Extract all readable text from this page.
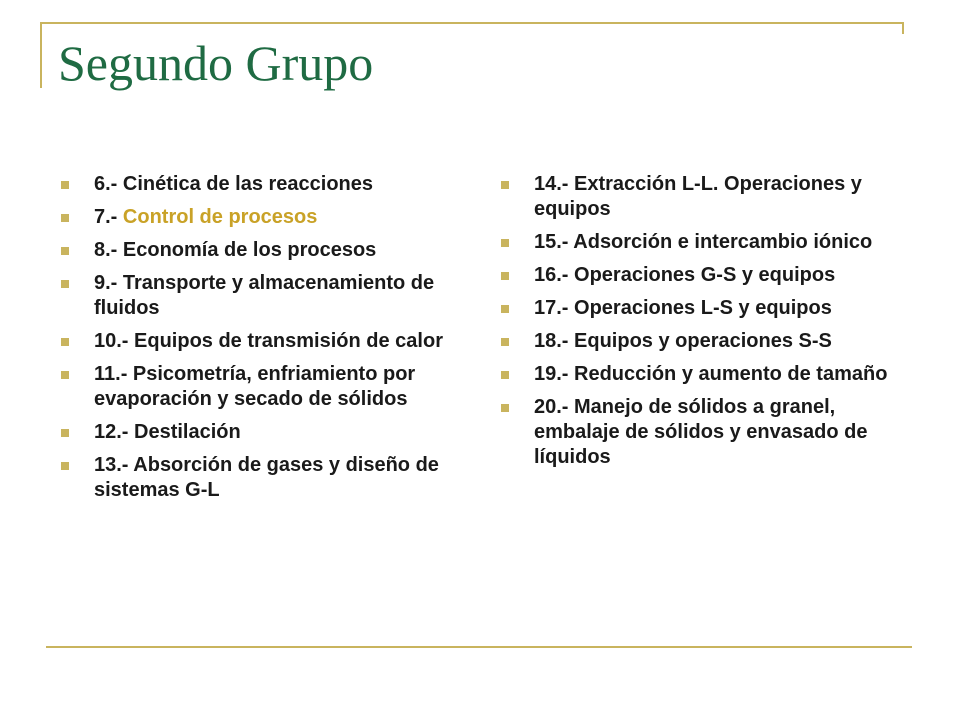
Segundo Grupo
6.- Cinética de las reacciones
7.- Control de procesos
8.- Economía de los procesos
9.- Transporte y almacenamiento de fluidos
10.- Equipos de transmisión de calor
11.- Psicometría, enfriamiento por evaporación y secado de sólidos
12.- Destilación
13.- Absorción de gases y diseño de sistemas G-L
14.- Extracción L-L. Operaciones y equipos
15.- Adsorción e intercambio iónico
16.- Operaciones G-S y equipos
17.- Operaciones L-S y equipos
18.- Equipos y operaciones S-S
19.- Reducción y aumento de tamaño
20.- Manejo de sólidos a granel, embalaje de sólidos y envasado de líquidos
